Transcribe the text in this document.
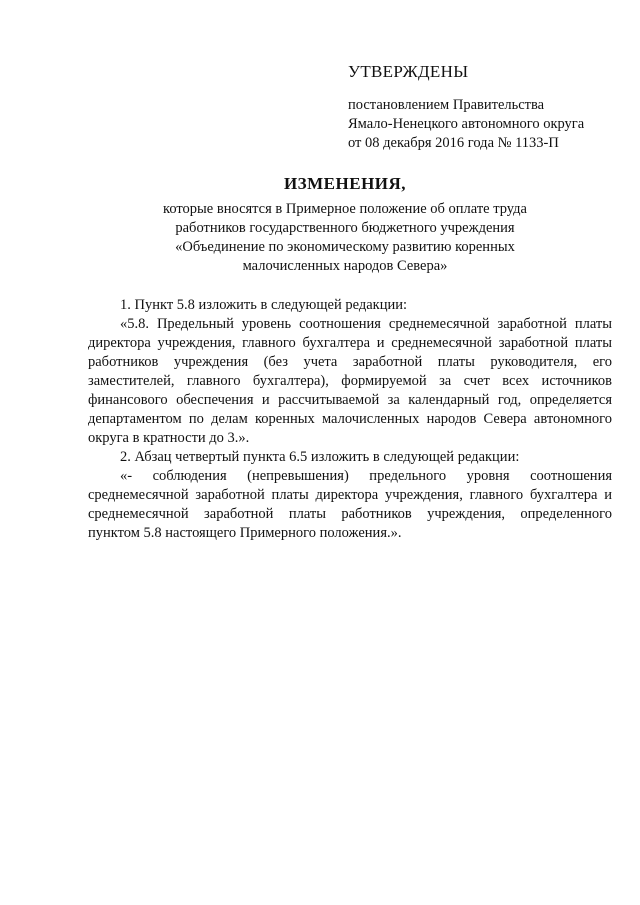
УТВЕРЖДЕНЫ
постановлением Правительства
Ямало-Ненецкого автономного округа
от 08 декабря 2016 года № 1133-П
ИЗМЕНЕНИЯ,
которые вносятся в Примерное положение об оплате труда
работников государственного бюджетного учреждения
«Объединение по экономическому развитию коренных
малочисленных народов Севера»

1. Пункт 5.8 изложить в следующей редакции:

«5.8. Предельный уровень соотношения среднемесячной заработной платы

директора учреждения, главного бухгалтера и среднемесячной заработной платы

работников учреждения (без учета заработной платы руководителя, его

заместителей, главного бухгалтера), формируемой за счет всех источников

финансового обеспечения и рассчитываемой за календарный год, определяется

департаментом по делам коренных малочисленных народов Севера автономного

округа в кратности до 3.».

2. Абзац четвертый пункта 6.5 изложить в следующей редакции:

«- соблюдения (непревышения) предельного уровня соотношения

среднемесячной заработной платы директора учреждения, главного бухгалтера и

среднемесячной заработной платы работников учреждения, определенного

пунктом 5.8 настоящего Примерного положения.».
